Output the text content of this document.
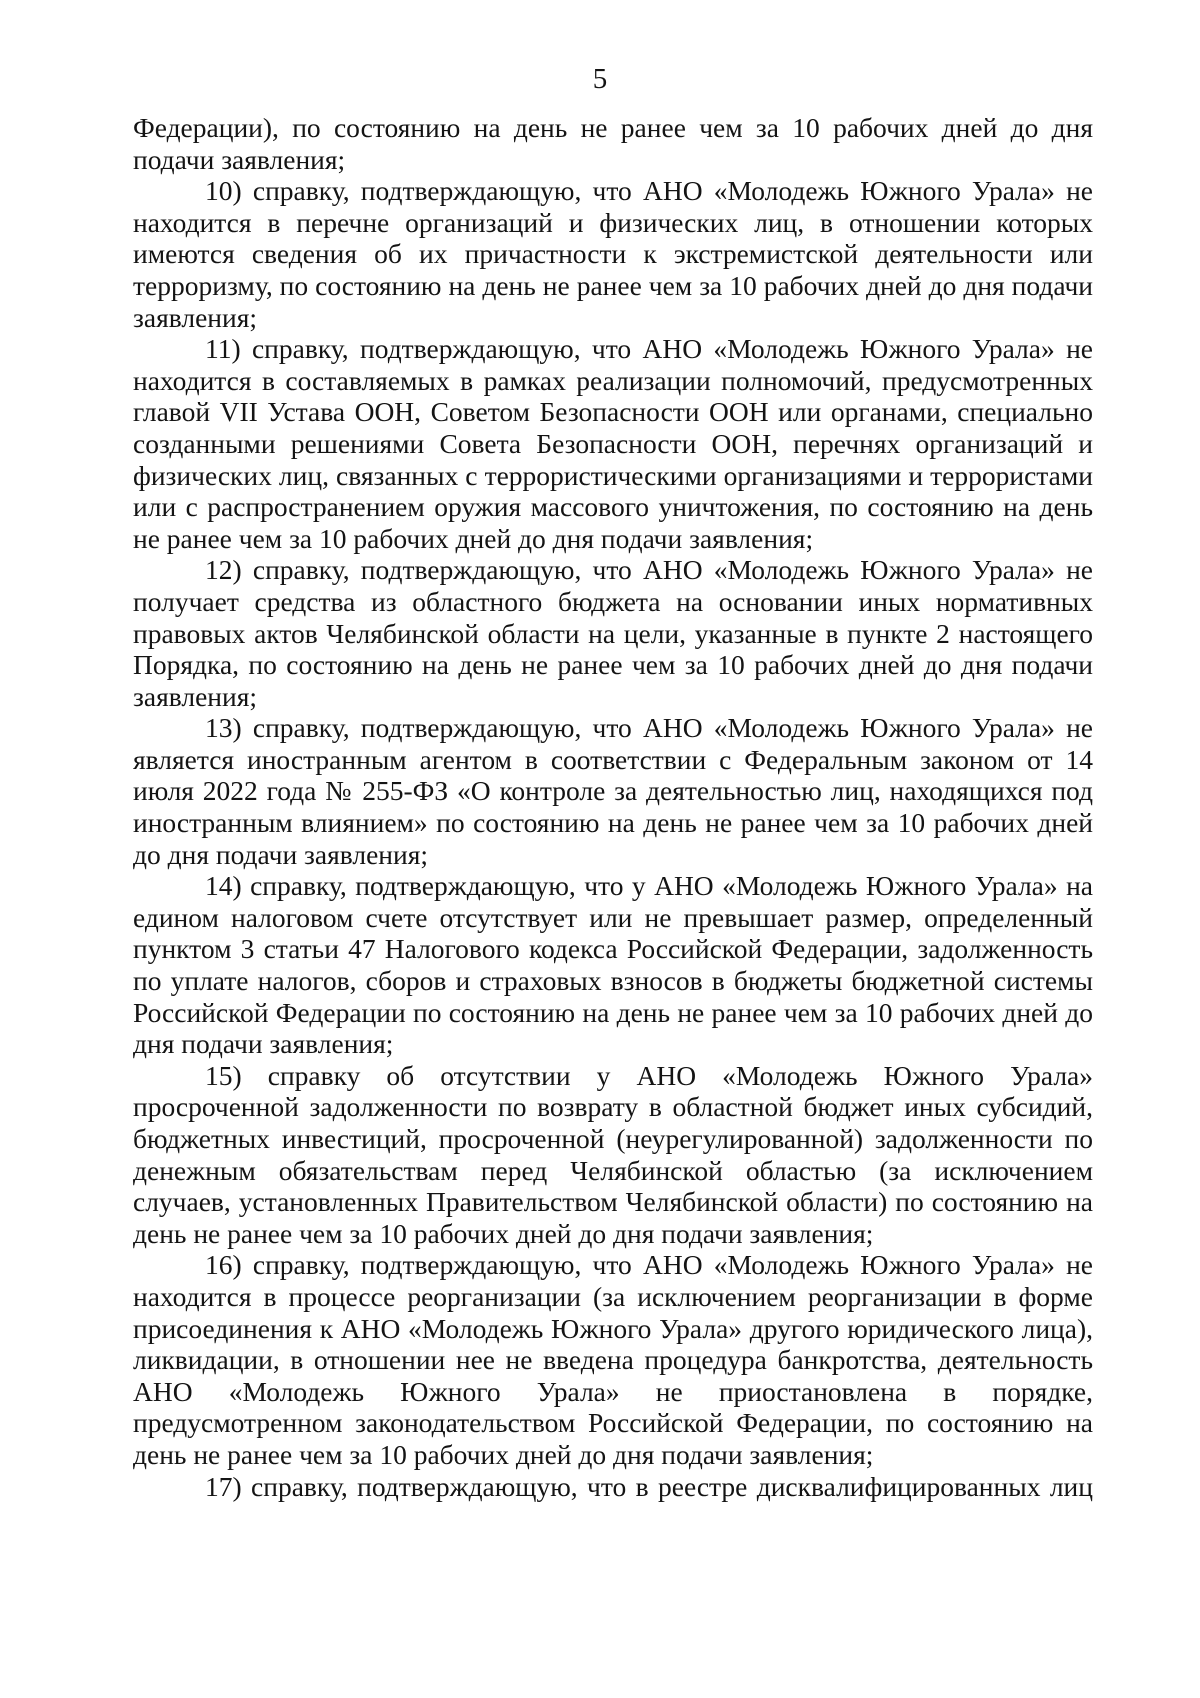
5

Федерации), по состоянию на день не ранее чем за 10 рабочих дней до дня подачи заявления;

10) справку, подтверждающую, что АНО «Молодежь Южного Урала» не находится в перечне организаций и физических лиц, в отношении которых имеются сведения об их причастности к экстремистской деятельности или терроризму, по состоянию на день не ранее чем за 10 рабочих дней до дня подачи заявления;

11) справку, подтверждающую, что АНО «Молодежь Южного Урала» не находится в составляемых в рамках реализации полномочий, предусмотренных главой VII Устава ООН, Советом Безопасности ООН или органами, специально созданными решениями Совета Безопасности ООН, перечнях организаций и физических лиц, связанных с террористическими организациями и террористами или с распространением оружия массового уничтожения, по состоянию на день не ранее чем за 10 рабочих дней до дня подачи заявления;

12) справку, подтверждающую, что АНО «Молодежь Южного Урала» не получает средства из областного бюджета на основании иных нормативных правовых актов Челябинской области на цели, указанные в пункте 2 настоящего Порядка, по состоянию на день не ранее чем за 10 рабочих дней до дня подачи заявления;

13) справку, подтверждающую, что АНО «Молодежь Южного Урала» не является иностранным агентом в соответствии с Федеральным законом от 14 июля 2022 года № 255-ФЗ «О контроле за деятельностью лиц, находящихся под иностранным влиянием» по состоянию на день не ранее чем за 10 рабочих дней до дня подачи заявления;

14) справку, подтверждающую, что у АНО «Молодежь Южного Урала» на едином налоговом счете отсутствует или не превышает размер, определенный пунктом 3 статьи 47 Налогового кодекса Российской Федерации, задолженность по уплате налогов, сборов и страховых взносов в бюджеты бюджетной системы Российской Федерации по состоянию на день не ранее чем за 10 рабочих дней до дня подачи заявления;

15) справку об отсутствии у АНО «Молодежь Южного Урала» просроченной задолженности по возврату в областной бюджет иных субсидий, бюджетных инвестиций, просроченной (неурегулированной) задолженности по денежным обязательствам перед Челябинской областью (за исключением случаев, установленных Правительством Челябинской области) по состоянию на день не ранее чем за 10 рабочих дней до дня подачи заявления;

16) справку, подтверждающую, что АНО «Молодежь Южного Урала» не находится в процессе реорганизации (за исключением реорганизации в форме присоединения к АНО «Молодежь Южного Урала» другого юридического лица), ликвидации, в отношении нее не введена процедура банкротства, деятельность АНО «Молодежь Южного Урала» не приостановлена в порядке, предусмотренном законодательством Российской Федерации, по состоянию на день не ранее чем за 10 рабочих дней до дня подачи заявления;

17) справку, подтверждающую, что в реестре дисквалифицированных лиц
